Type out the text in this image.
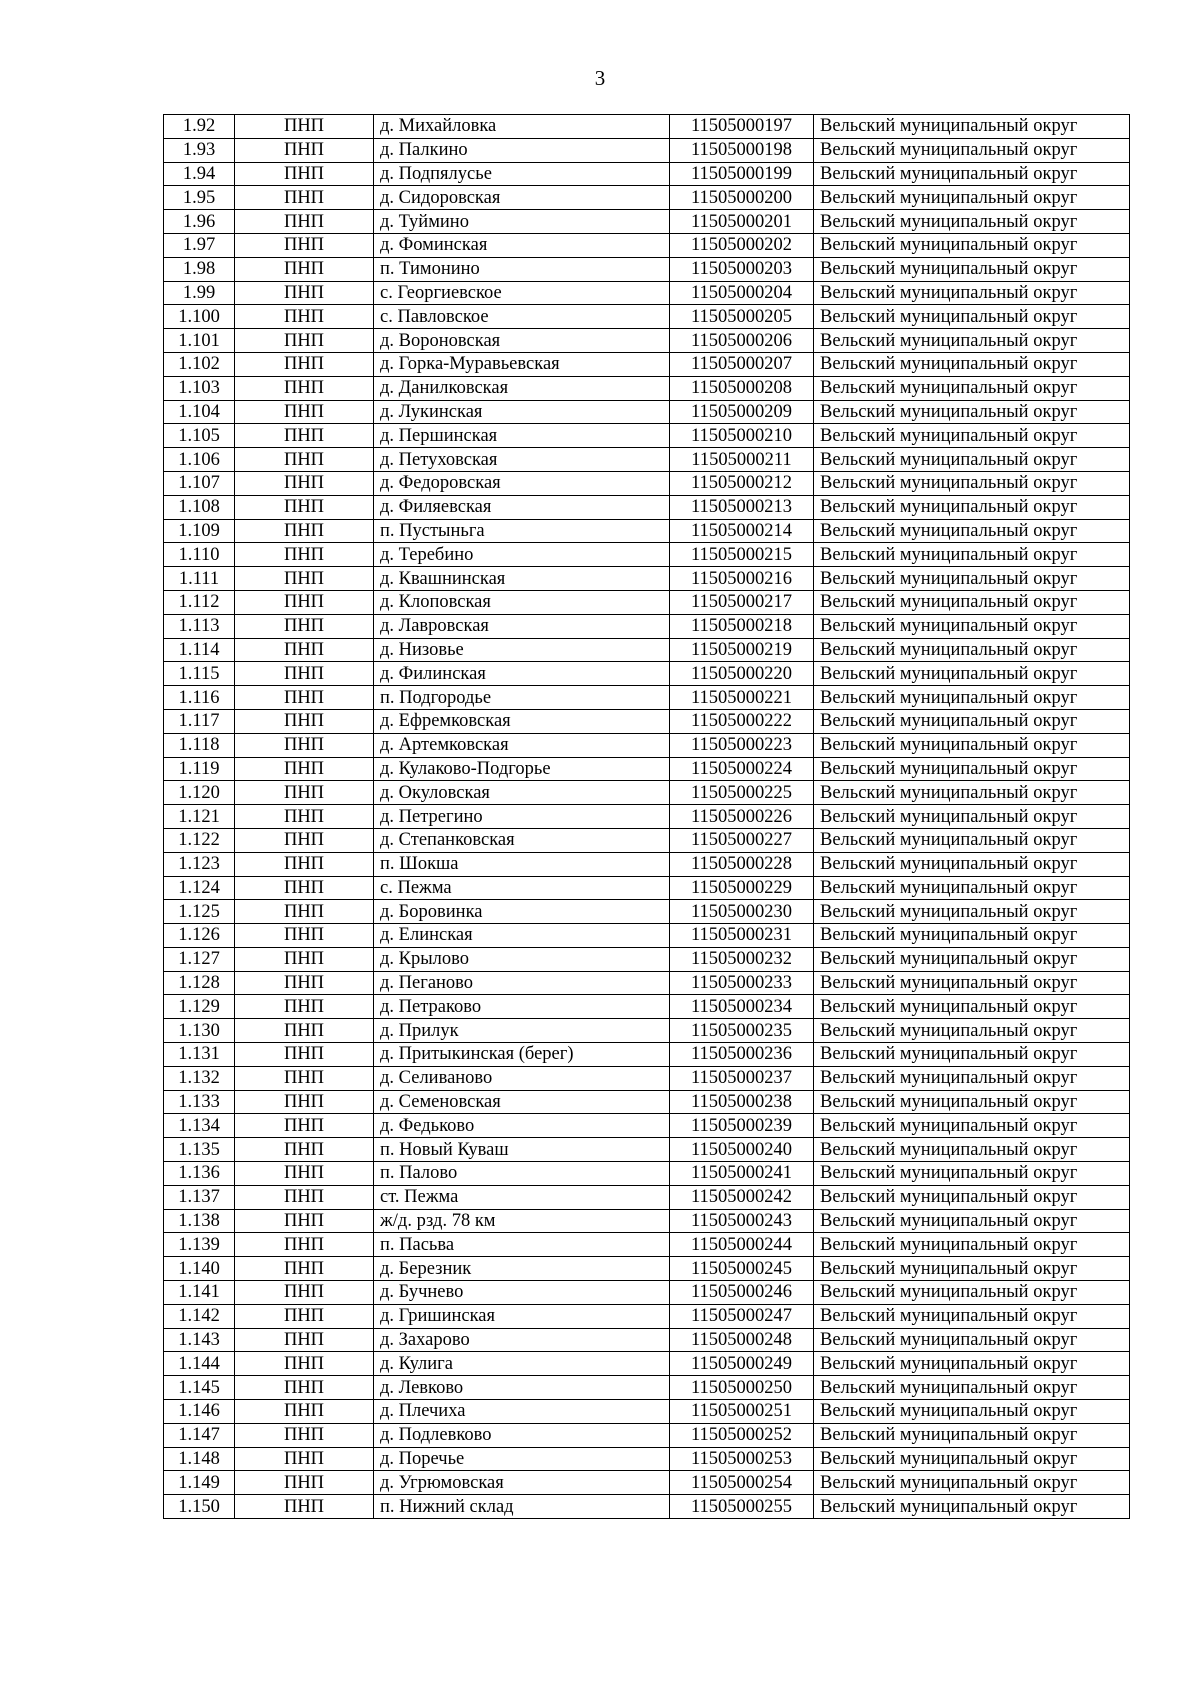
3
1.92	ПНП	д. Михайловка	11505000197	Вельский муниципальный округ
1.93	ПНП	д. Палкино	11505000198	Вельский муниципальный округ
1.94	ПНП	д. Подпялусье	11505000199	Вельский муниципальный округ
1.95	ПНП	д. Сидоровская	11505000200	Вельский муниципальный округ
1.96	ПНП	д. Туймино	11505000201	Вельский муниципальный округ
1.97	ПНП	д. Фоминская	11505000202	Вельский муниципальный округ
1.98	ПНП	п. Тимонино	11505000203	Вельский муниципальный округ
1.99	ПНП	с. Георгиевское	11505000204	Вельский муниципальный округ
1.100	ПНП	с. Павловское	11505000205	Вельский муниципальный округ
1.101	ПНП	д. Вороновская	11505000206	Вельский муниципальный округ
1.102	ПНП	д. Горка-Муравьевская	11505000207	Вельский муниципальный округ
1.103	ПНП	д. Данилковская	11505000208	Вельский муниципальный округ
1.104	ПНП	д. Лукинская	11505000209	Вельский муниципальный округ
1.105	ПНП	д. Першинская	11505000210	Вельский муниципальный округ
1.106	ПНП	д. Петуховская	11505000211	Вельский муниципальный округ
1.107	ПНП	д. Федоровская	11505000212	Вельский муниципальный округ
1.108	ПНП	д. Филяевская	11505000213	Вельский муниципальный округ
1.109	ПНП	п. Пустыньга	11505000214	Вельский муниципальный округ
1.110	ПНП	д. Теребино	11505000215	Вельский муниципальный округ
1.111	ПНП	д. Квашнинская	11505000216	Вельский муниципальный округ
1.112	ПНП	д. Клоповская	11505000217	Вельский муниципальный округ
1.113	ПНП	д. Лавровская	11505000218	Вельский муниципальный округ
1.114	ПНП	д. Низовье	11505000219	Вельский муниципальный округ
1.115	ПНП	д. Филинская	11505000220	Вельский муниципальный округ
1.116	ПНП	п. Подгородье	11505000221	Вельский муниципальный округ
1.117	ПНП	д. Ефремковская	11505000222	Вельский муниципальный округ
1.118	ПНП	д. Артемковская	11505000223	Вельский муниципальный округ
1.119	ПНП	д. Кулаково-Подгорье	11505000224	Вельский муниципальный округ
1.120	ПНП	д. Окуловская	11505000225	Вельский муниципальный округ
1.121	ПНП	д. Петрегино	11505000226	Вельский муниципальный округ
1.122	ПНП	д. Степанковская	11505000227	Вельский муниципальный округ
1.123	ПНП	п. Шокша	11505000228	Вельский муниципальный округ
1.124	ПНП	с. Пежма	11505000229	Вельский муниципальный округ
1.125	ПНП	д. Боровинка	11505000230	Вельский муниципальный округ
1.126	ПНП	д. Елинская	11505000231	Вельский муниципальный округ
1.127	ПНП	д. Крылово	11505000232	Вельский муниципальный округ
1.128	ПНП	д. Пеганово	11505000233	Вельский муниципальный округ
1.129	ПНП	д. Петраково	11505000234	Вельский муниципальный округ
1.130	ПНП	д. Прилук	11505000235	Вельский муниципальный округ
1.131	ПНП	д. Притыкинская (берег)	11505000236	Вельский муниципальный округ
1.132	ПНП	д. Селиваново	11505000237	Вельский муниципальный округ
1.133	ПНП	д. Семеновская	11505000238	Вельский муниципальный округ
1.134	ПНП	д. Федьково	11505000239	Вельский муниципальный округ
1.135	ПНП	п. Новый Куваш	11505000240	Вельский муниципальный округ
1.136	ПНП	п. Палово	11505000241	Вельский муниципальный округ
1.137	ПНП	ст. Пежма	11505000242	Вельский муниципальный округ
1.138	ПНП	ж/д. рзд. 78 км	11505000243	Вельский муниципальный округ
1.139	ПНП	п. Пасьва	11505000244	Вельский муниципальный округ
1.140	ПНП	д. Березник	11505000245	Вельский муниципальный округ
1.141	ПНП	д. Бучнево	11505000246	Вельский муниципальный округ
1.142	ПНП	д. Гришинская	11505000247	Вельский муниципальный округ
1.143	ПНП	д. Захарово	11505000248	Вельский муниципальный округ
1.144	ПНП	д. Кулига	11505000249	Вельский муниципальный округ
1.145	ПНП	д. Левково	11505000250	Вельский муниципальный округ
1.146	ПНП	д. Плечиха	11505000251	Вельский муниципальный округ
1.147	ПНП	д. Подлевково	11505000252	Вельский муниципальный округ
1.148	ПНП	д. Поречье	11505000253	Вельский муниципальный округ
1.149	ПНП	д. Угрюмовская	11505000254	Вельский муниципальный округ
1.150	ПНП	п. Нижний склад	11505000255	Вельский муниципальный округ
